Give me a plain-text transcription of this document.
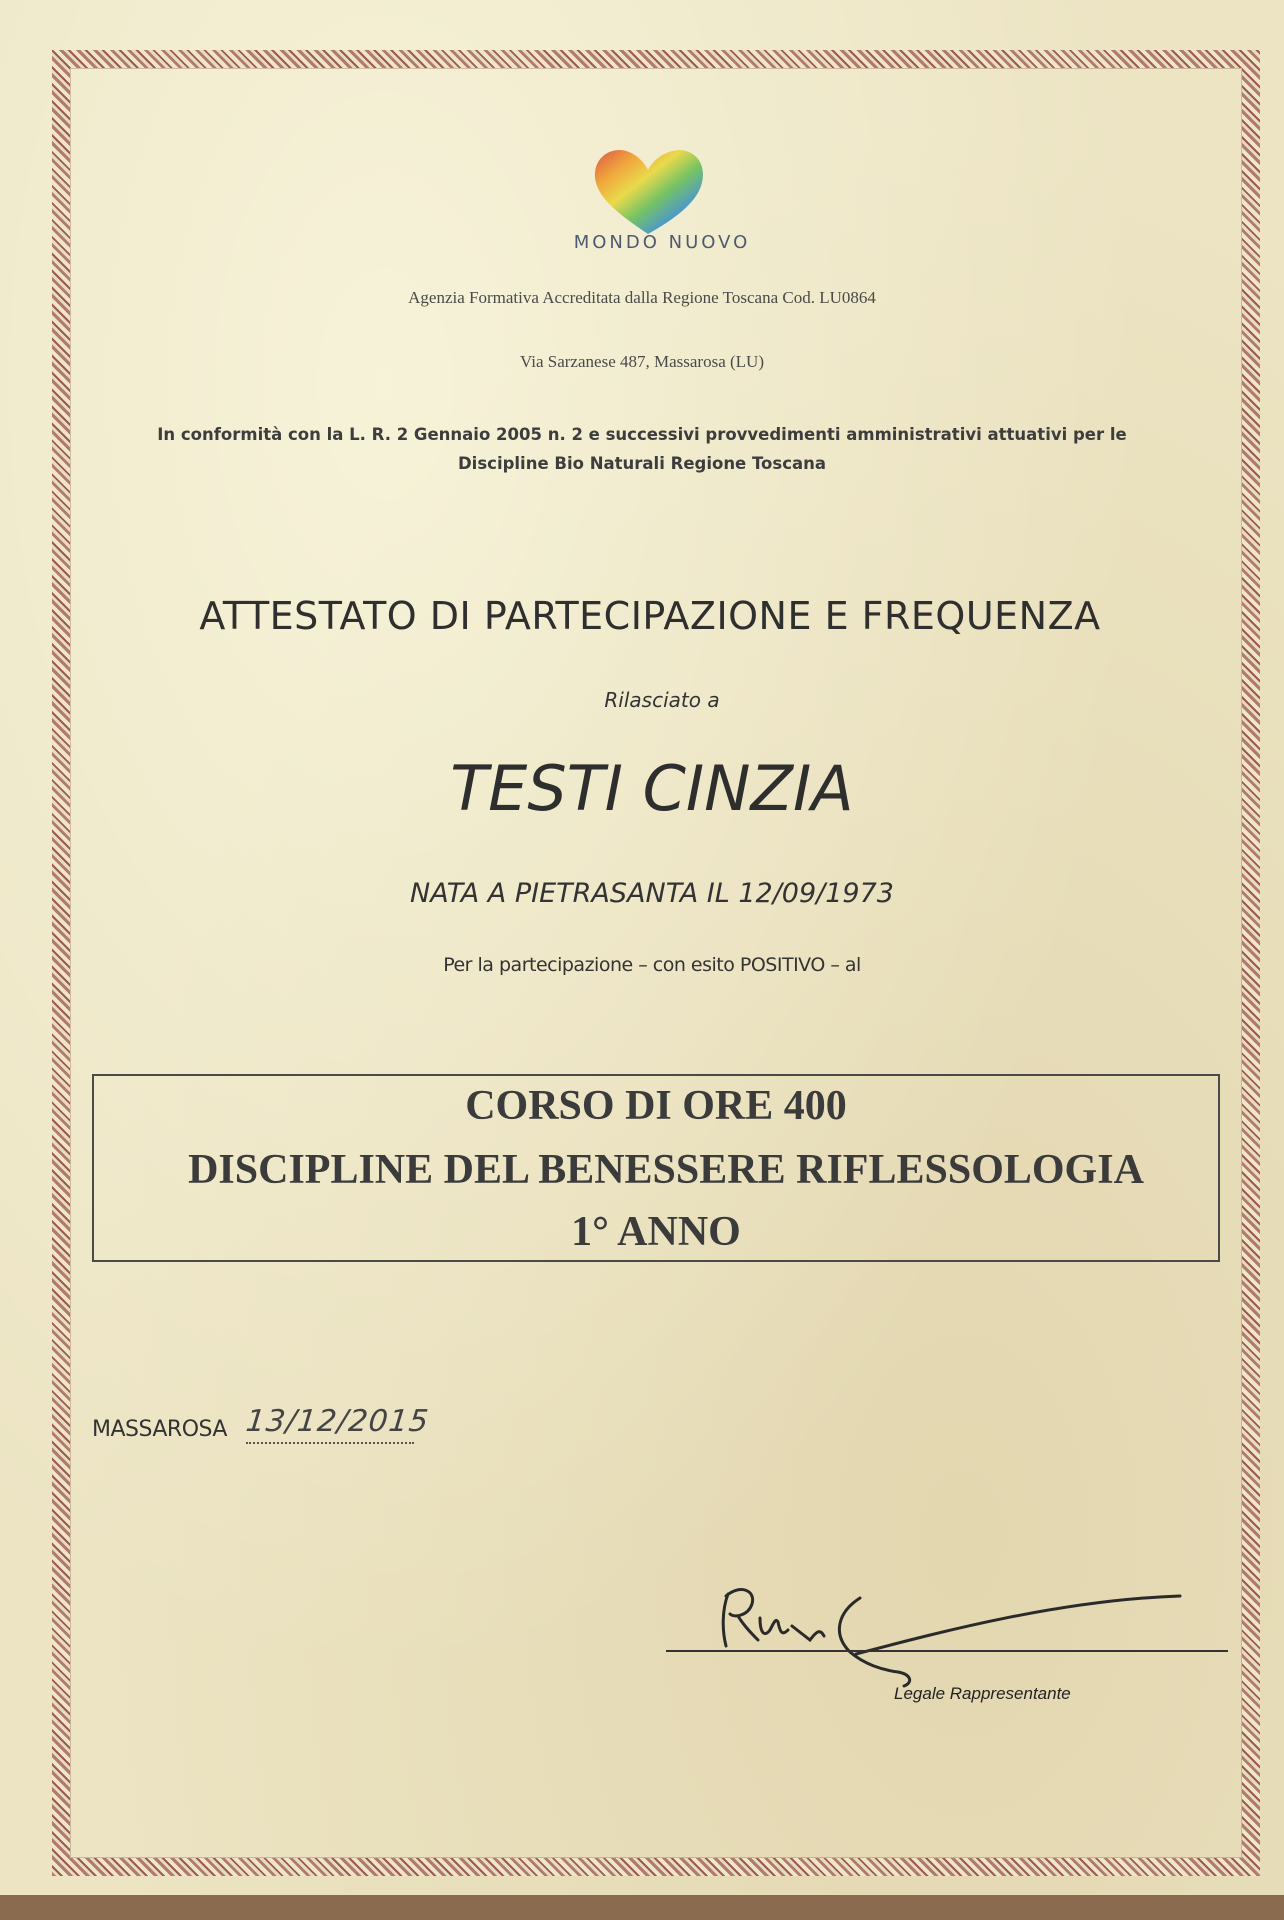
MONDO NUOVO
Agenzia Formativa Accreditata dalla Regione Toscana Cod. LU0864
Via Sarzanese 487, Massarosa (LU)
In conformità con la L. R. 2 Gennaio 2005 n. 2 e successivi provvedimenti amministrativi attuativi per le
Discipline Bio Naturali Regione Toscana
ATTESTATO DI PARTECIPAZIONE E FREQUENZA
Rilasciato a
TESTI CINZIA
NATA A PIETRASANTA IL 12/09/1973
Per la partecipazione – con esito POSITIVO – al
CORSO DI ORE 400
DISCIPLINE DEL BENESSERE RIFLESSOLOGIA
1° ANNO
MASSAROSA 13/12/2015
Legale Rappresentante
